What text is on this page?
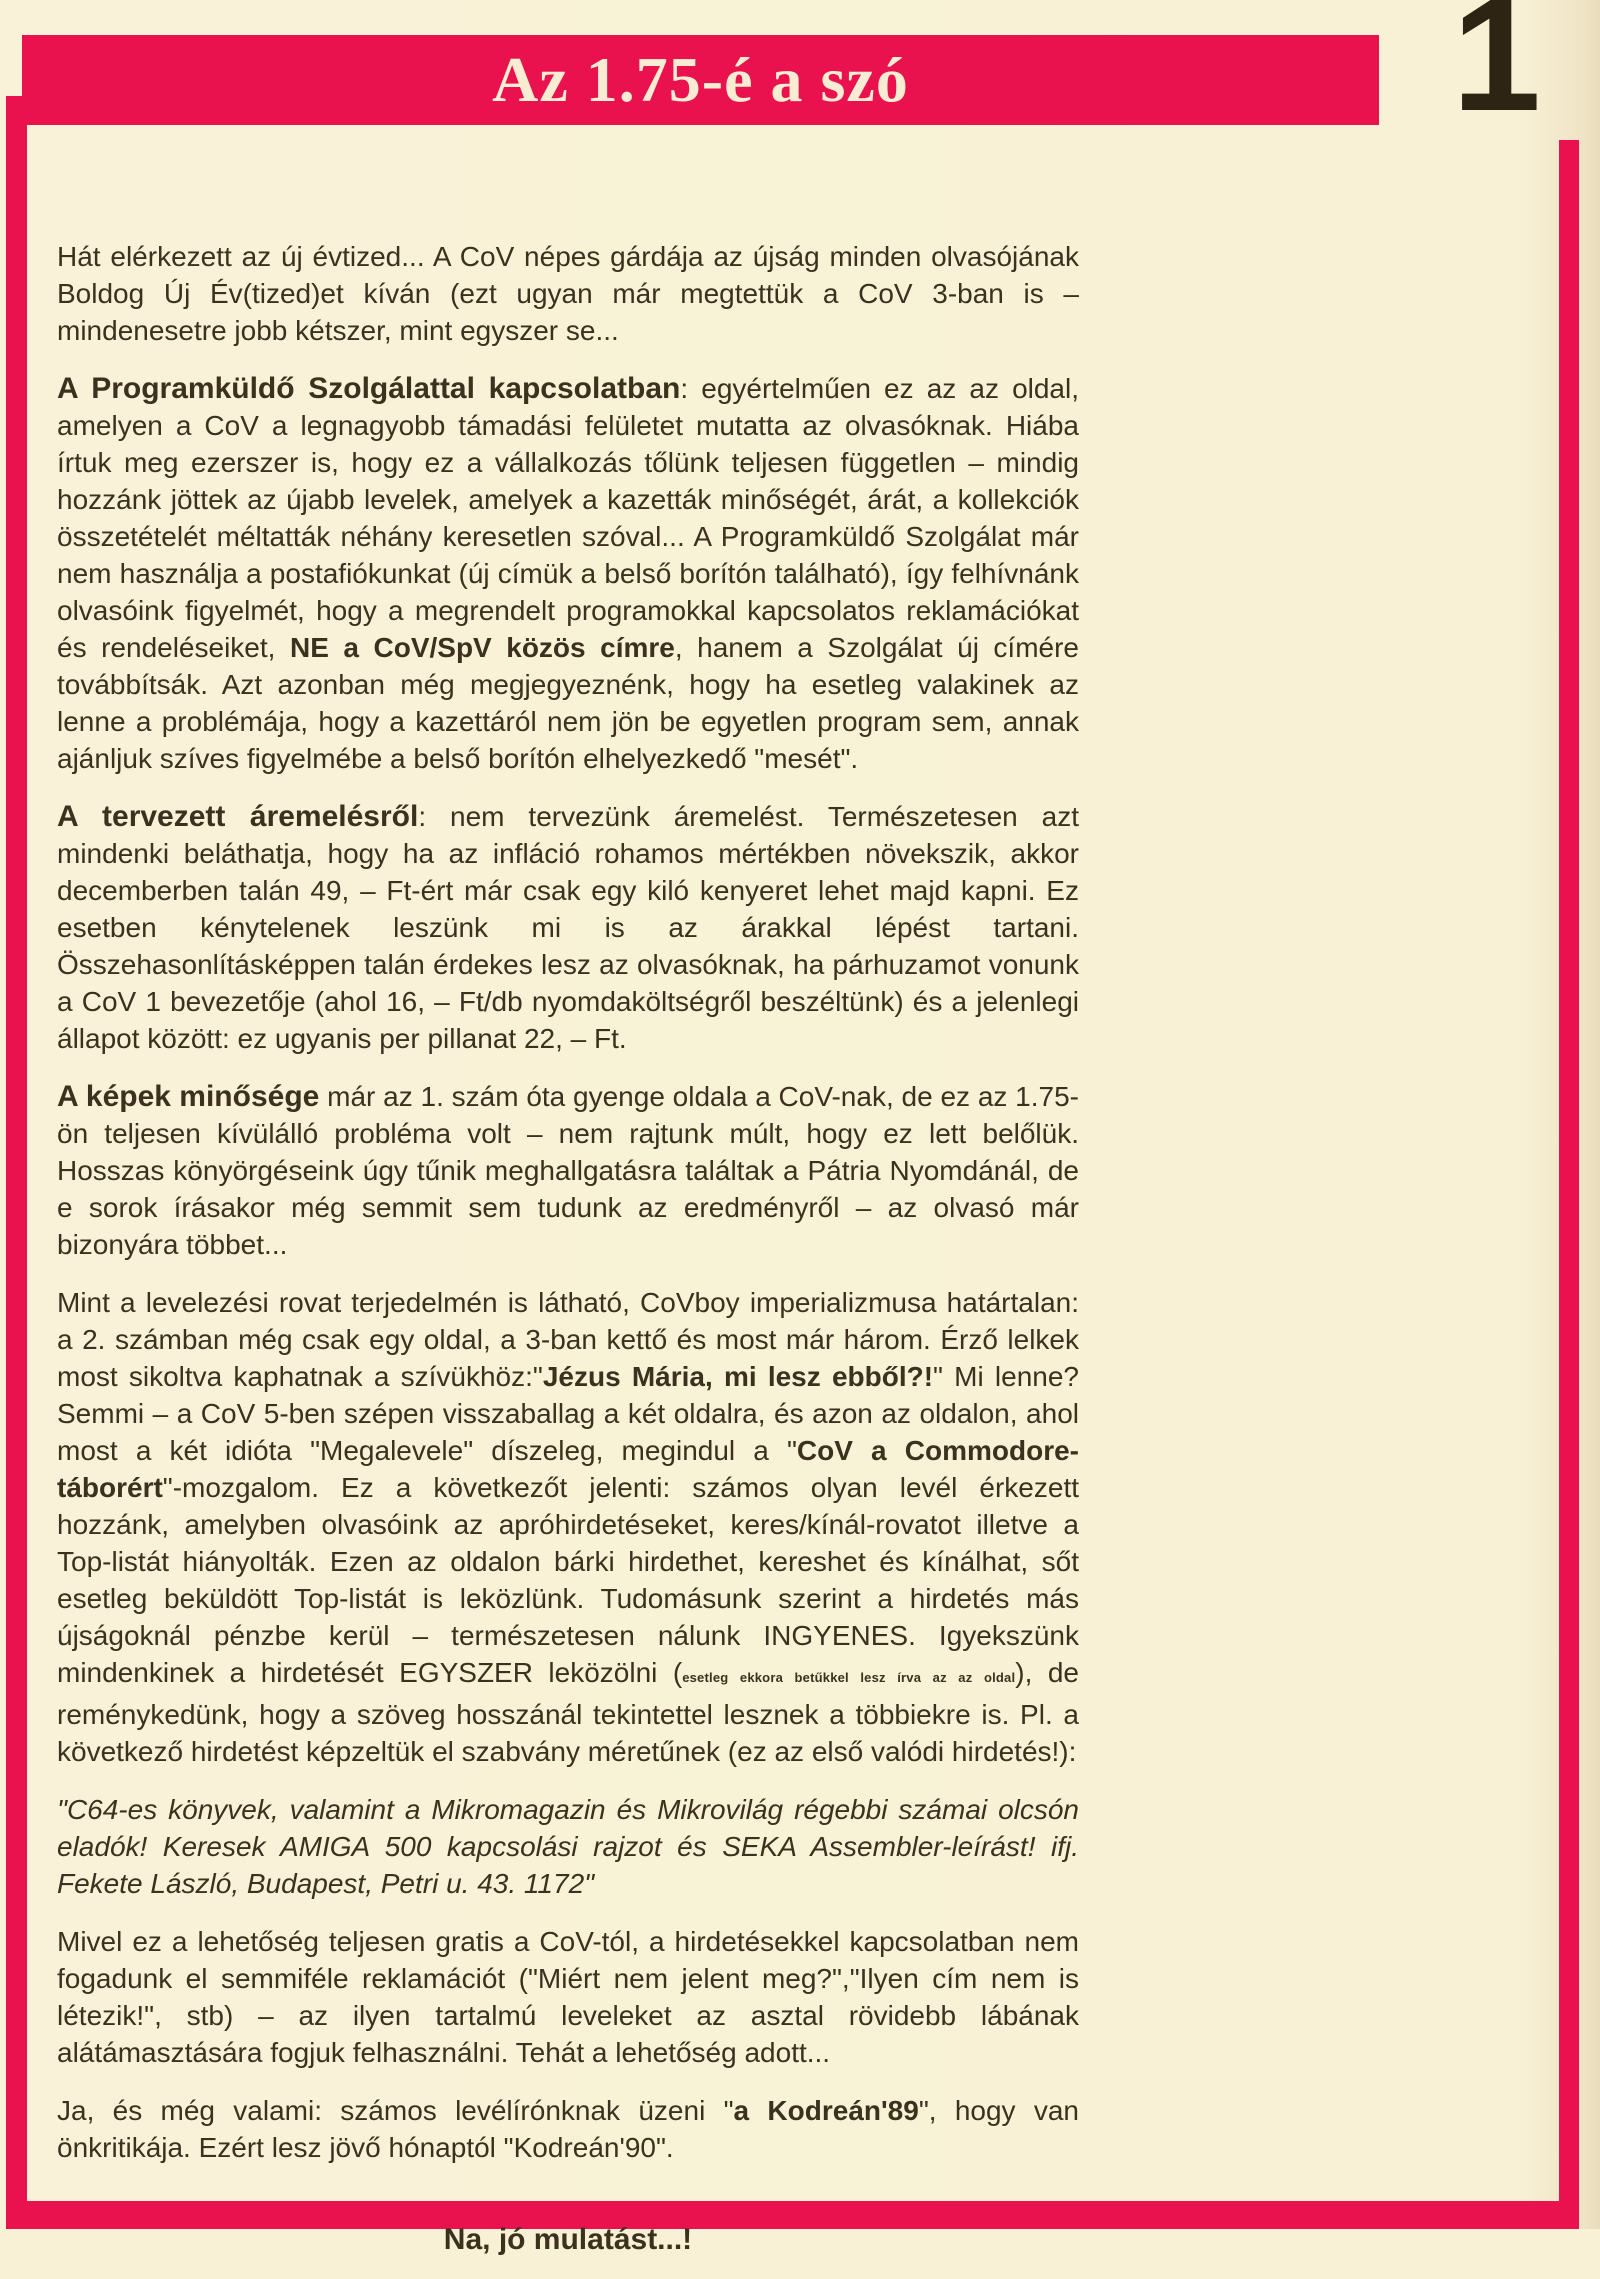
Az 1.75-é a szó	1

Hát elérkezett az új évtized... A CoV népes gárdája az újság minden olvasójának Boldog Új Év(tized)et kíván (ezt ugyan már megtettük a CoV 3-ban is – mindenesetre jobb kétszer, mint egyszer se...

A Programküldő Szolgálattal kapcsolatban: egyértelműen ez az az oldal, amelyen a CoV a legnagyobb támadási felületet mutatta az olvasóknak. Hiába írtuk meg ezerszer is, hogy ez a vállalkozás tőlünk teljesen független – mindig hozzánk jöttek az újabb levelek, amelyek a kazetták minőségét, árát, a kollekciók összetételét méltatták néhány keresetlen szóval... A Programküldő Szolgálat már nem használja a postafiókunkat (új címük a belső borítón található), így felhívnánk olvasóink figyelmét, hogy a megrendelt programokkal kapcsolatos reklamációkat és rendeléseiket, NE a CoV/SpV közös címre, hanem a Szolgálat új címére továbbítsák. Azt azonban még megjegyeznénk, hogy ha esetleg valakinek az lenne a problémája, hogy a kazettáról nem jön be egyetlen program sem, annak ajánljuk szíves figyelmébe a belső borítón elhelyezkedő "mesét".

A tervezett áremelésről: nem tervezünk áremelést. Természetesen azt mindenki beláthatja, hogy ha az infláció rohamos mértékben növekszik, akkor decemberben talán 49, – Ft-ért már csak egy kiló kenyeret lehet majd kapni. Ez esetben kénytelenek leszünk mi is az árakkal lépést tartani. Összehasonlításképpen talán érdekes lesz az olvasóknak, ha párhuzamot vonunk a CoV 1 bevezetője (ahol 16, – Ft/db nyomdaköltségről beszéltünk) és a jelenlegi állapot között: ez ugyanis per pillanat 22, – Ft.

A képek minősége már az 1. szám óta gyenge oldala a CoV-nak, de ez az 1.75-ön teljesen kívülálló probléma volt – nem rajtunk múlt, hogy ez lett belőlük. Hosszas könyörgéseink úgy tűnik meghallgatásra találtak a Pátria Nyomdánál, de e sorok írásakor még semmit sem tudunk az eredményről – az olvasó már bizonyára többet...

Mint a levelezési rovat terjedelmén is látható, CoVboy imperializmusa határtalan: a 2. számban még csak egy oldal, a 3-ban kettő és most már három. Érző lelkek most sikoltva kaphatnak a szívükhöz:"Jézus Mária, mi lesz ebből?!" Mi lenne? Semmi – a CoV 5-ben szépen visszaballag a két oldalra, és azon az oldalon, ahol most a két idióta "Megalevele" díszeleg, megindul a "CoV a Commodore-táborért"-mozgalom. Ez a következőt jelenti: számos olyan levél érkezett hozzánk, amelyben olvasóink az apróhirdetéseket, keres/kínál-rovatot illetve a Top-listát hiányolták. Ezen az oldalon bárki hirdethet, kereshet és kínálhat, sőt esetleg beküldött Top-listát is leközlünk. Tudomásunk szerint a hirdetés más újságoknál pénzbe kerül – természetesen nálunk INGYENES. Igyekszünk mindenkinek a hirdetését EGYSZER leközölni (esetleg ekkora betűkkel lesz írva az az oldal), de reménykedünk, hogy a szöveg hosszánál tekintettel lesznek a többiekre is. Pl. a következő hirdetést képzeltük el szabvány méretűnek (ez az első valódi hirdetés!):

"C64-es könyvek, valamint a Mikromagazin és Mikrovilág régebbi számai olcsón eladók! Keresek AMIGA 500 kapcsolási rajzot és SEKA Assembler-leírást! ifj. Fekete László, Budapest, Petri u. 43. 1172"

Mivel ez a lehetőség teljesen gratis a CoV-tól, a hirdetésekkel kapcsolatban nem fogadunk el semmiféle reklamációt ("Miért nem jelent meg?","Ilyen cím nem is létezik!", stb) – az ilyen tartalmú leveleket az asztal rövidebb lábának alátámasztására fogjuk felhasználni. Tehát a lehetőség adott...

Ja, és még valami: számos levélírónknak üzeni "a Kodreán'89", hogy van önkritikája. Ezért lesz jövő hónaptól "Kodreán'90".

Na, jó mulatást...!
